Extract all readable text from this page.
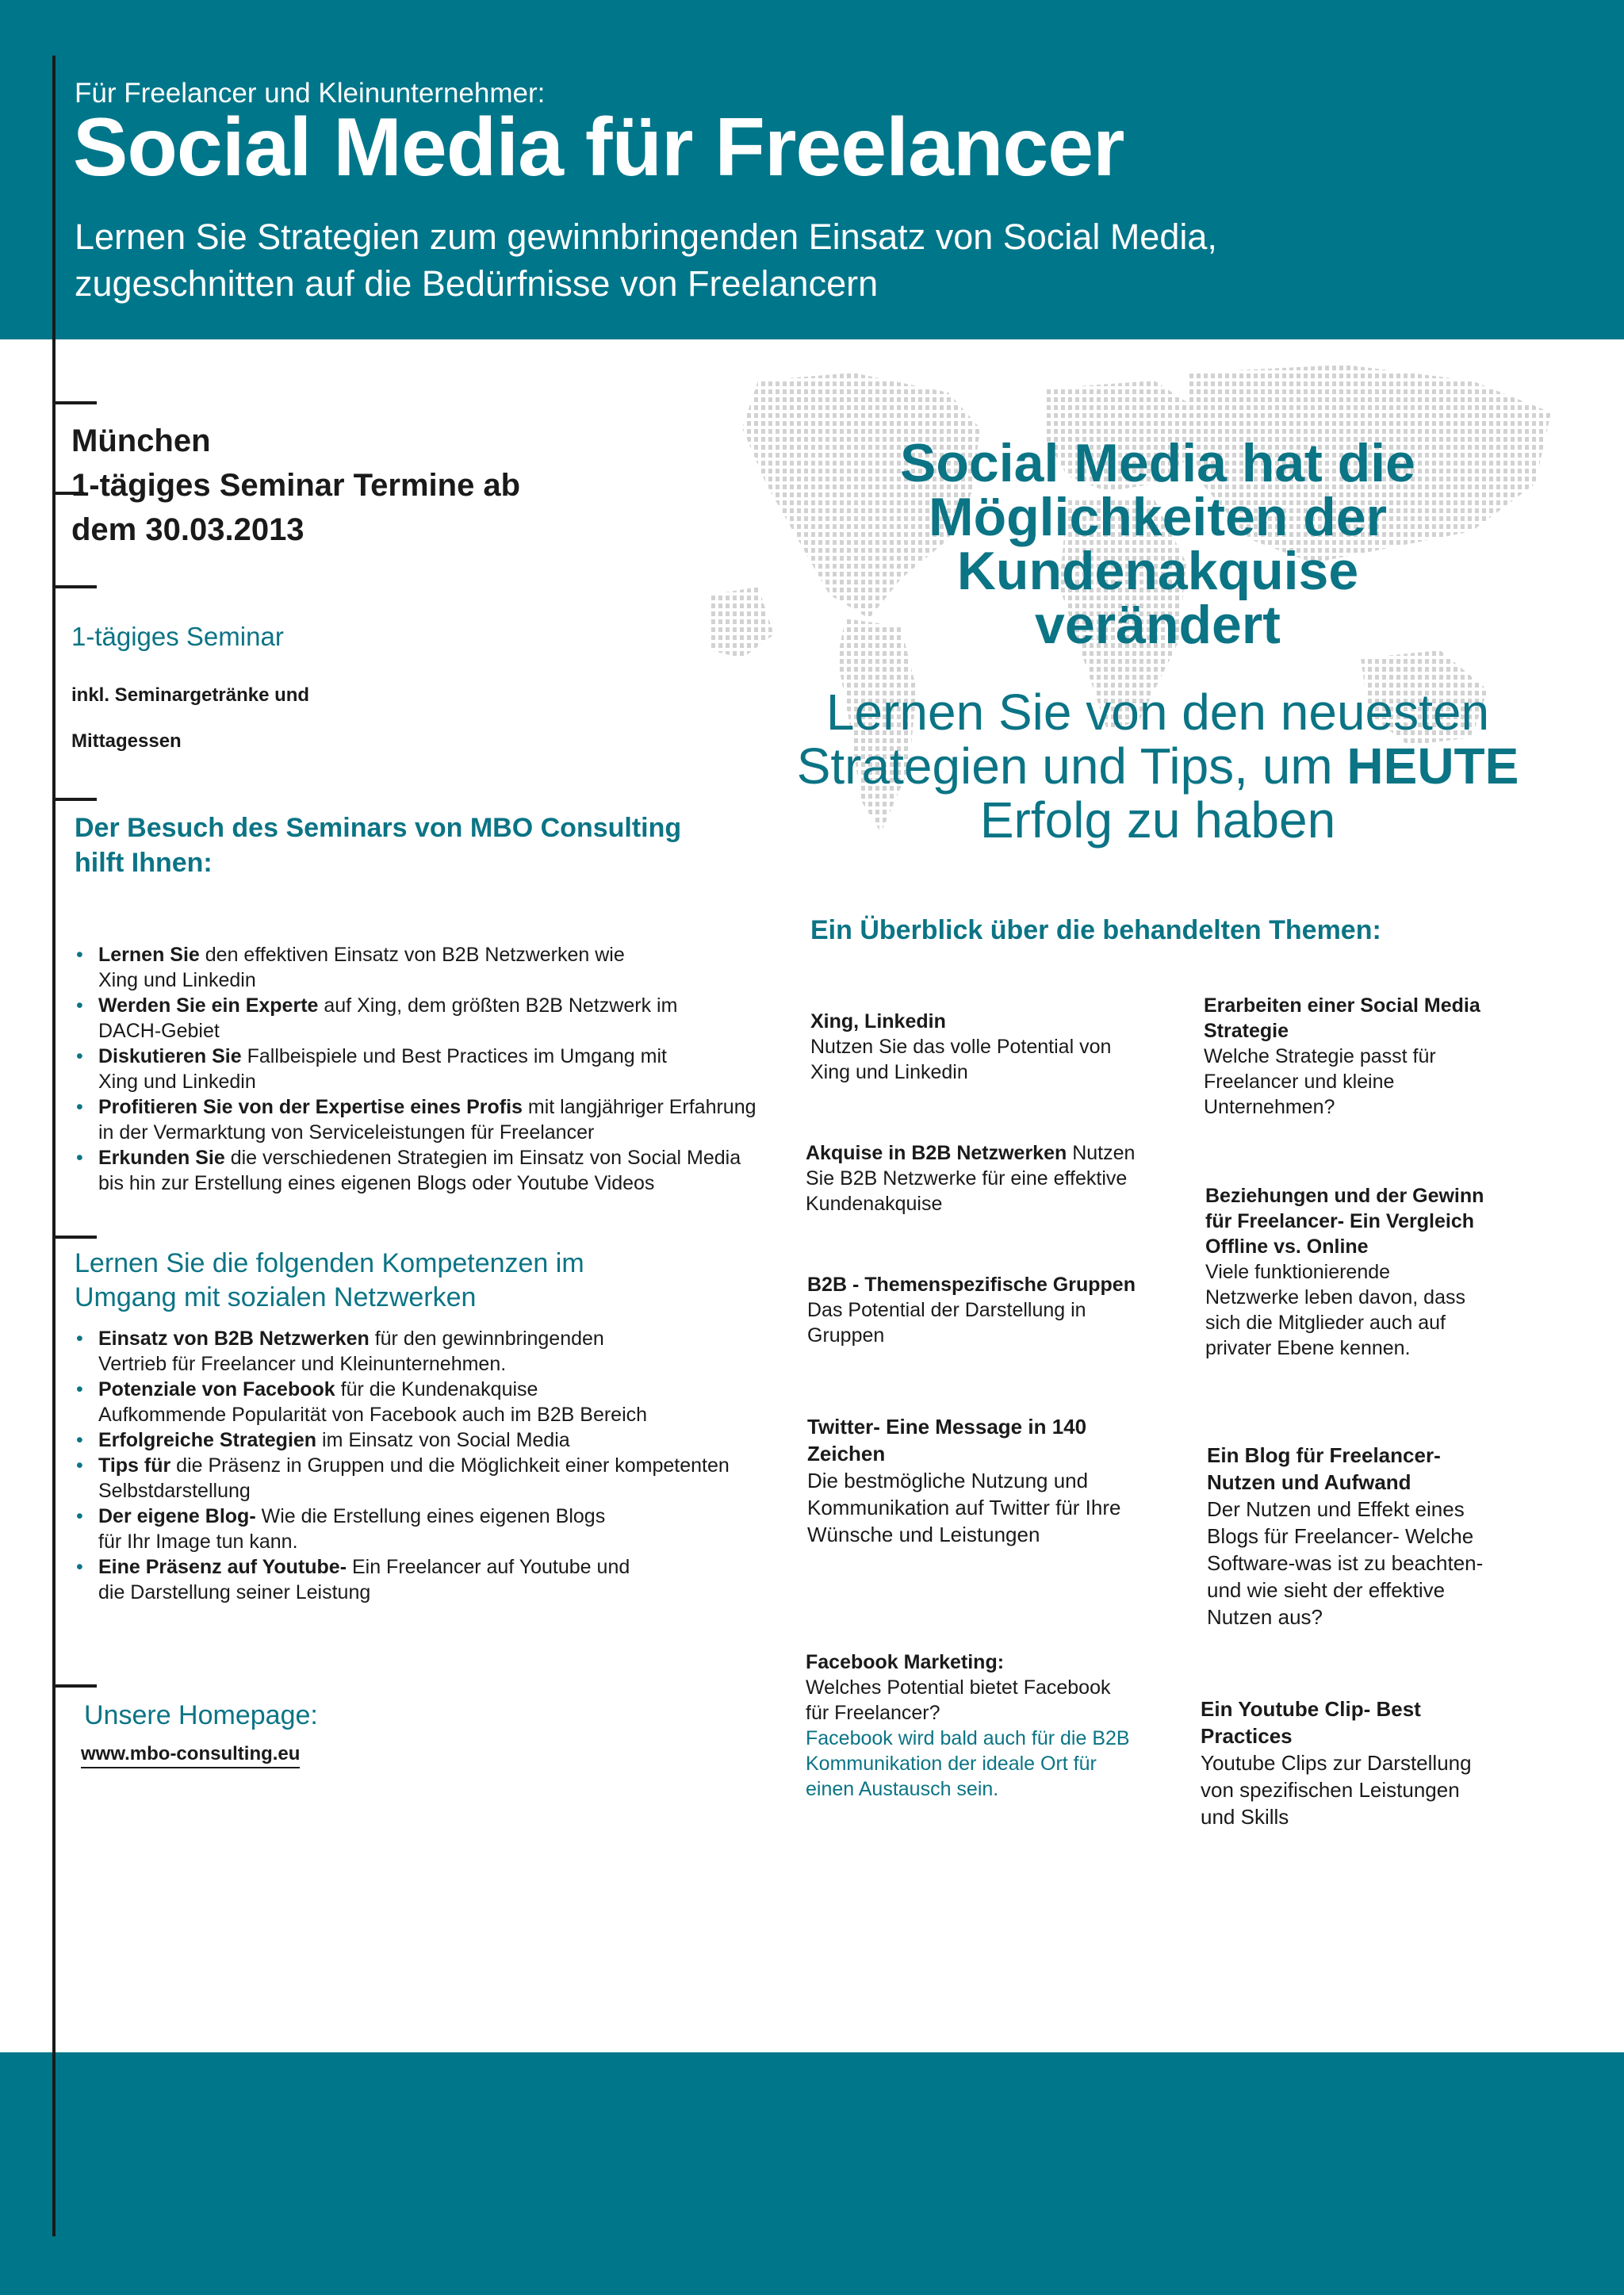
Für Freelancer und Kleinunternehmer:
Social Media für Freelancer
Lernen Sie Strategien zum gewinnbringenden Einsatz von Social Media,
zugeschnitten auf die Bedürfnisse von Freelancern
München
1-tägiges Seminar Termine ab
dem 30.03.2013
1-tägiges Seminar
inkl. Seminargetränke und
Mittagessen
Der Besuch des Seminars von MBO Consulting
hilft Ihnen:
• Lernen Sie den effektiven Einsatz von B2B Netzwerken wie
Xing und Linkedin
• Werden Sie ein Experte auf Xing, dem größten B2B Netzwerk im
DACH-Gebiet
• Diskutieren Sie Fallbeispiele und Best Practices im Umgang mit
Xing und Linkedin
• Profitieren Sie von der Expertise eines Profis mit langjähriger Erfahrung
in der Vermarktung von Serviceleistungen für Freelancer
• Erkunden Sie die verschiedenen Strategien im Einsatz von Social Media
bis hin zur Erstellung eines eigenen Blogs oder Youtube Videos
Lernen Sie die folgenden Kompetenzen im
Umgang mit sozialen Netzwerken
• Einsatz von B2B Netzwerken für den gewinnbringenden
Vertrieb für Freelancer und Kleinunternehmen.
• Potenziale von Facebook für die Kundenakquise
Aufkommende Popularität von Facebook auch im B2B Bereich
• Erfolgreiche Strategien im Einsatz von Social Media
• Tips für die Präsenz in Gruppen und die Möglichkeit einer kompetenten
Selbstdarstellung
• Der eigene Blog- Wie die Erstellung eines eigenen Blogs
für Ihr Image tun kann.
• Eine Präsenz auf Youtube- Ein Freelancer auf Youtube und
die Darstellung seiner Leistung
Unsere Homepage:
www.mbo-consulting.eu
Social Media hat die
Möglichkeiten der
Kundenakquise
verändert
Lernen Sie von den neuesten
Strategien und Tips, um HEUTE
Erfolg zu haben
Ein Überblick über die behandelten Themen:
Xing, Linkedin
Nutzen Sie das volle Potential von
Xing und Linkedin
Akquise in B2B Netzwerken Nutzen
Sie B2B Netzwerke für eine effektive
Kundenakquise
B2B - Themenspezifische Gruppen
Das Potential der Darstellung in
Gruppen
Twitter- Eine Message in 140
Zeichen
Die bestmögliche Nutzung und
Kommunikation auf Twitter für Ihre
Wünsche und Leistungen
Facebook Marketing:
Welches Potential bietet Facebook
für Freelancer?
Facebook wird bald auch für die B2B
Kommunikation der ideale Ort für
einen Austausch sein.
Erarbeiten einer Social Media
Strategie
Welche Strategie passt für
Freelancer und kleine
Unternehmen?
Beziehungen und der Gewinn
für Freelancer- Ein Vergleich
Offline vs. Online
Viele funktionierende
Netzwerke leben davon, dass
sich die Mitglieder auch auf
privater Ebene kennen.
Ein Blog für Freelancer-
Nutzen und Aufwand
Der Nutzen und Effekt eines
Blogs für Freelancer- Welche
Software-was ist zu beachten-
und wie sieht der effektive
Nutzen aus?
Ein Youtube Clip- Best
Practices
Youtube Clips zur Darstellung
von spezifischen Leistungen
und Skills
